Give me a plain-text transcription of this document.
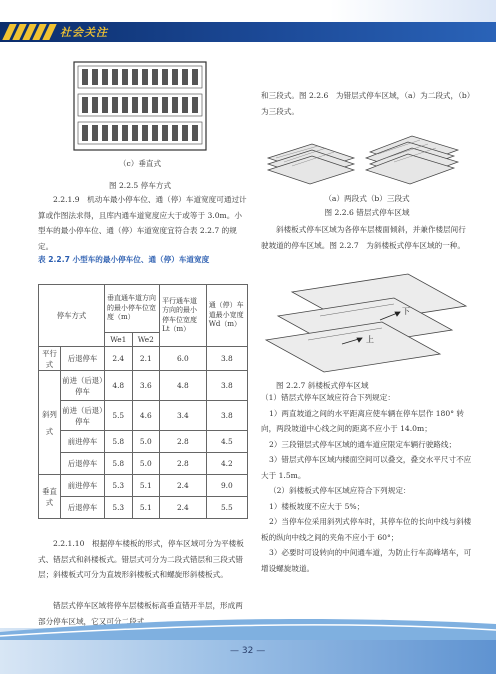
社会关注
（c）垂直式
图 2.2.5 停车方式
2.2.1.9　机动车最小停车位、通（停）车道宽度可通过计算或作图法求得，且库内通车道宽度应大于或等于 3.0m。小型车的最小停车位、通（停）车道宽度宜符合表 2.2.7 的规定。
表 2.2.7 小型车的最小停车位、通（停）车道宽度
停车方式		垂直通车道方向的最小停车位宽度（m）		平行通车道方向的最小停车位宽度 Lt（m）	通（停）车道最小宽度 Wd（m）
		We1	We2		
平行式	后退停车	2.4	2.1	6.0	3.8
斜列式	前进（后退）停车	4.8	3.6	4.8	3.8
	前进（后退）停车	5.5	4.6	3.4	3.8
	前进停车	5.8	5.0	2.8	4.5
	后退停车	5.8	5.0	2.8	4.2
垂直式	前进停车	5.3	5.1	2.4	9.0
	后退停车	5.3	5.1	2.4	5.5
2.2.1.10　根据停车楼板的形式，停车区域可分为平楼板式、错层式和斜楼板式。错层式可分为二段式错层和三段式错层；斜楼板式可分为直坡形斜楼板式和螺旋形斜楼板式。
错层式停车区域将停车层楼板标高垂直错开半层，形成两部分停车区域，它又可分二段式
和三段式。图 2.2.6　为错层式停车区域，（a）为二段式，（b）为三段式。
（a）两段式（b）三段式
图 2.2.6 错层式停车区域
斜楼板式停车区域为各停车层楼面倾斜，并兼作楼层间行驶坡道的停车区域。图 2.2.7　为斜楼板式停车区域的一种。
下
上
图 2.2.7 斜楼板式停车区域
（1）错层式停车区域应符合下列规定：
1）两直坡道之间的水平距离应使车辆在停车层作 180° 转向，两段坡道中心线之间的距离不应小于 14.0m；
2）三段错层式停车区域的通车道应限定车辆行驶路线；
3）错层式停车区域内楼面空间可以叠交，叠交水平尺寸不应大于 1.5m。
（2）斜楼板式停车区域应符合下列规定：
1）楼板坡度不应大于 5%；
2）当停车位采用斜列式停车时，其停车位的长向中线与斜楼板的纵向中线之间的夹角不应小于 60°；
3）必要时可设转向的中间通车道，为防止行车高峰堵车，可增设螺旋坡道。
— 32 —
